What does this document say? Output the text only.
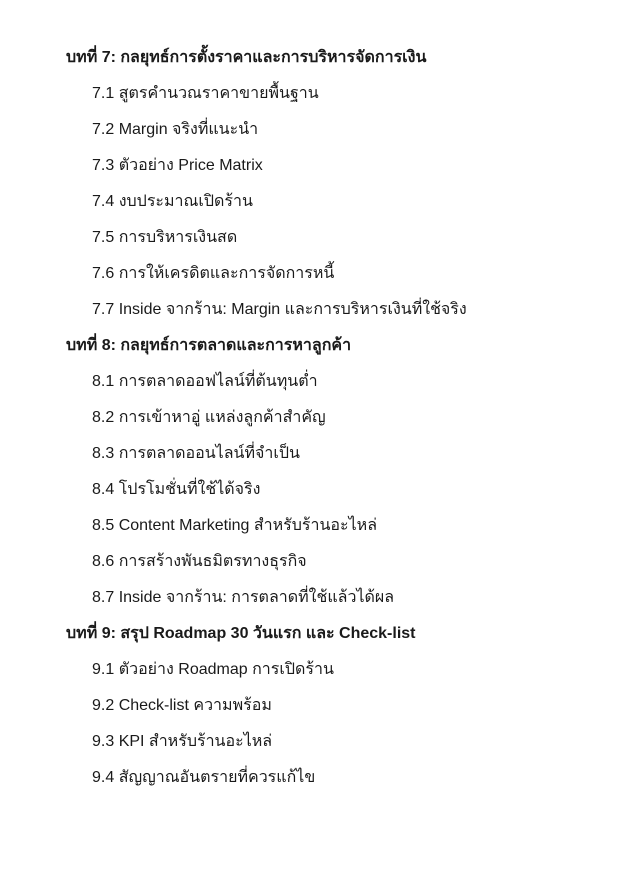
บทที่ 7: กลยุทธ์การตั้งราคาและการบริหารจัดการเงิน
7.1 สูตรคำนวณราคาขายพื้นฐาน
7.2 Margin จริงที่แนะนำ
7.3 ตัวอย่าง Price Matrix
7.4 งบประมาณเปิดร้าน
7.5 การบริหารเงินสด
7.6 การให้เครดิตและการจัดการหนี้
7.7 Inside จากร้าน: Margin และการบริหารเงินที่ใช้จริง
บทที่ 8: กลยุทธ์การตลาดและการหาลูกค้า
8.1 การตลาดออฟไลน์ที่ต้นทุนต่ำ
8.2 การเข้าหาอู่ แหล่งลูกค้าสำคัญ
8.3 การตลาดออนไลน์ที่จำเป็น
8.4 โปรโมชั่นที่ใช้ได้จริง
8.5 Content Marketing สำหรับร้านอะไหล่
8.6 การสร้างพันธมิตรทางธุรกิจ
8.7 Inside จากร้าน: การตลาดที่ใช้แล้วได้ผล
บทที่ 9: สรุป Roadmap 30 วันแรก และ Check-list
9.1 ตัวอย่าง Roadmap การเปิดร้าน
9.2 Check-list ความพร้อม
9.3 KPI สำหรับร้านอะไหล่
9.4 สัญญาณอันตรายที่ควรแก้ไข
